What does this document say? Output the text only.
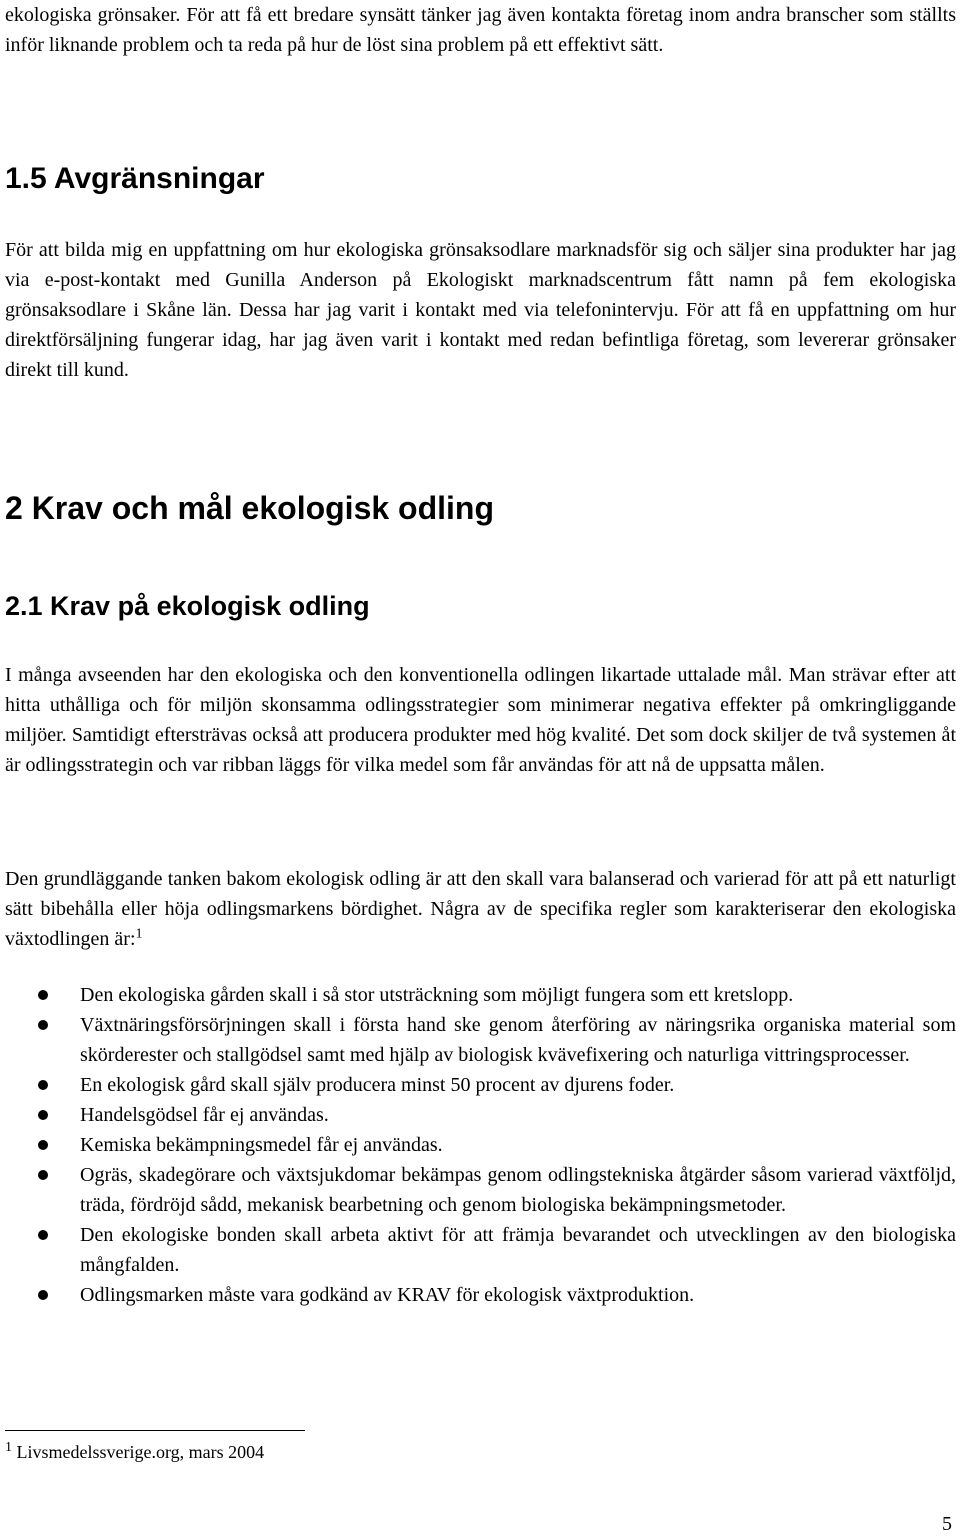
ekologiska grönsaker. För att få ett bredare synsätt tänker jag även kontakta företag inom andra branscher som ställts inför liknande problem och ta reda på hur de löst sina problem på ett effektivt sätt.

1.5 Avgränsningar

För att bilda mig en uppfattning om hur ekologiska grönsaksodlare marknadsför sig och säljer sina produkter har jag via e-post-kontakt med Gunilla Anderson på Ekologiskt marknadscentrum fått namn på fem ekologiska grönsaksodlare i Skåne län. Dessa har jag varit i kontakt med via telefonintervju. För att få en uppfattning om hur direktförsäljning fungerar idag, har jag även varit i kontakt med redan befintliga företag, som levererar grönsaker direkt till kund.

2 Krav och mål ekologisk odling
2.1 Krav på ekologisk odling

I många avseenden har den ekologiska och den konventionella odlingen likartade uttalade mål. Man strävar efter att hitta uthålliga och för miljön skonsamma odlingsstrategier som minimerar negativa effekter på omkringliggande miljöer. Samtidigt eftersträvas också att producera produkter med hög kvalité. Det som dock skiljer de två systemen åt är odlingsstrategin och var ribban läggs för vilka medel som får användas för att nå de uppsatta målen.

Den grundläggande tanken bakom ekologisk odling är att den skall vara balanserad och varierad för att på ett naturligt sätt bibehålla eller höja odlingsmarkens bördighet. Några av de specifika regler som karakteriserar den ekologiska växtodlingen är:$^1$

Den ekologiska gården skall i så stor utsträckning som möjligt fungera som ett kretslopp.
Växtnäringsförsörjningen skall i första hand ske genom återföring av näringsrika organiska material som skörderester och stallgödsel samt med hjälp av biologisk kvävefixering och naturliga vittringsprocesser.
En ekologisk gård skall själv producera minst 50 procent av djurens foder.
Handelsgödsel får ej användas.
Kemiska bekämpningsmedel får ej användas.
Ogräs, skadegörare och växtsjukdomar bekämpas genom odlingstekniska åtgärder såsom varierad växtföljd, träda, fördröjd sådd, mekanisk bearbetning och genom biologiska bekämpningsmetoder.
Den ekologiske bonden skall arbeta aktivt för att främja bevarandet och utvecklingen av den biologiska mångfalden.
Odlingsmarken måste vara godkänd av KRAV för ekologisk växtproduktion.
$^1$ Livsmedelssverige.org, mars 2004
5
